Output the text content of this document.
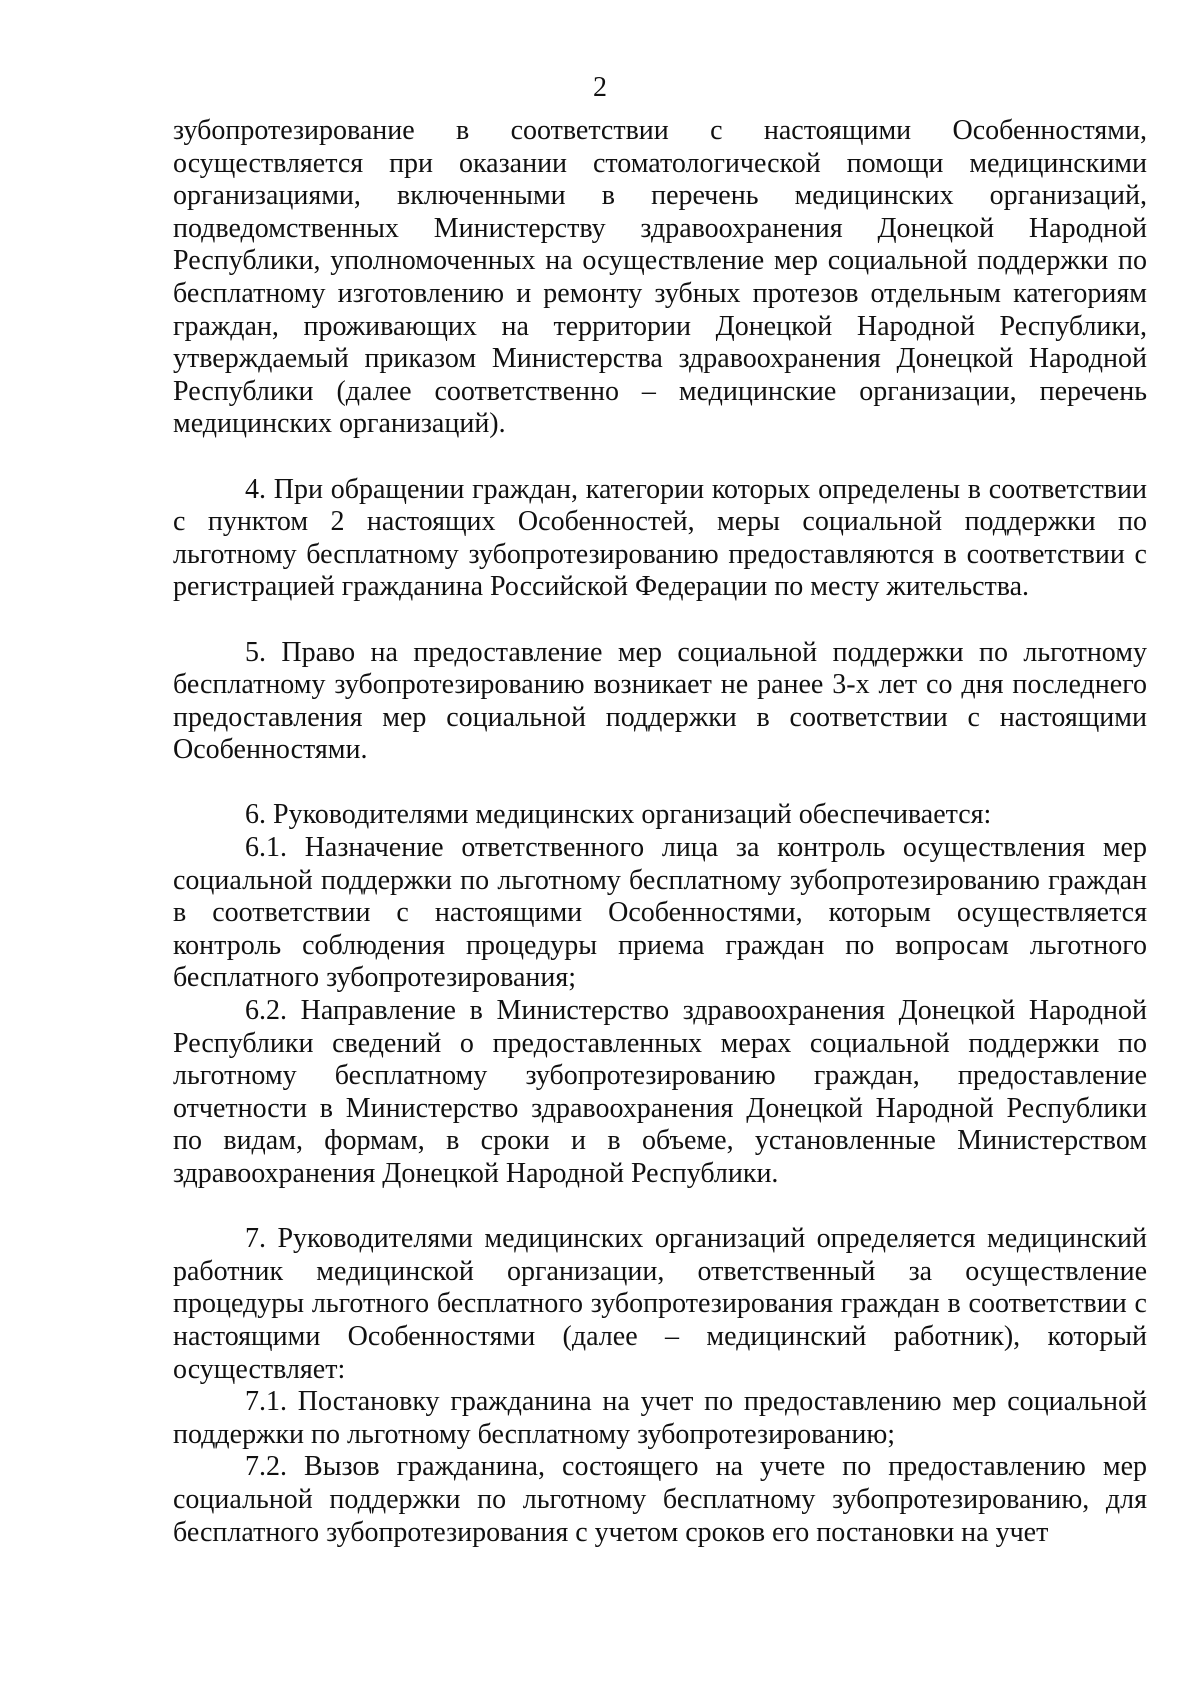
2

зубопротезирование в соответствии с настоящими Особенностями, осуществляется при оказании стоматологической помощи медицинскими организациями, включенными в перечень медицинских организаций, подведомственных Министерству здравоохранения Донецкой Народной Республики, уполномоченных на осуществление мер социальной поддержки по бесплатному изготовлению и ремонту зубных протезов отдельным категориям граждан, проживающих на территории Донецкой Народной Республики, утверждаемый приказом Министерства здравоохранения Донецкой Народной Республики (далее соответственно – медицинские организации, перечень медицинских организаций).

4. При обращении граждан, категории которых определены в соответствии с пунктом 2 настоящих Особенностей, меры социальной поддержки по льготному бесплатному зубопротезированию предоставляются в соответствии с регистрацией гражданина Российской Федерации по месту жительства.

5. Право на предоставление мер социальной поддержки по льготному бесплатному зубопротезированию возникает не ранее 3-х лет со дня последнего предоставления мер социальной поддержки в соответствии с настоящими Особенностями.

6. Руководителями медицинских организаций обеспечивается:

6.1. Назначение ответственного лица за контроль осуществления мер социальной поддержки по льготному бесплатному зубопротезированию граждан в соответствии с настоящими Особенностями, которым осуществляется контроль соблюдения процедуры приема граждан по вопросам льготного бесплатного зубопротезирования;

6.2. Направление в Министерство здравоохранения Донецкой Народной Республики сведений о предоставленных мерах социальной поддержки по льготному бесплатному зубопротезированию граждан, предоставление отчетности в Министерство здравоохранения Донецкой Народной Республики по видам, формам, в сроки и в объеме, установленные Министерством здравоохранения Донецкой Народной Республики.

7. Руководителями медицинских организаций определяется медицинский работник медицинской организации, ответственный за осуществление процедуры льготного бесплатного зубопротезирования граждан в соответствии с настоящими Особенностями (далее – медицинский работник), который осуществляет:

7.1. Постановку гражданина на учет по предоставлению мер социальной поддержки по льготному бесплатному зубопротезированию;

7.2. Вызов гражданина, состоящего на учете по предоставлению мер социальной поддержки по льготному бесплатному зубопротезированию, для бесплатного зубопротезирования с учетом сроков его постановки на учет
